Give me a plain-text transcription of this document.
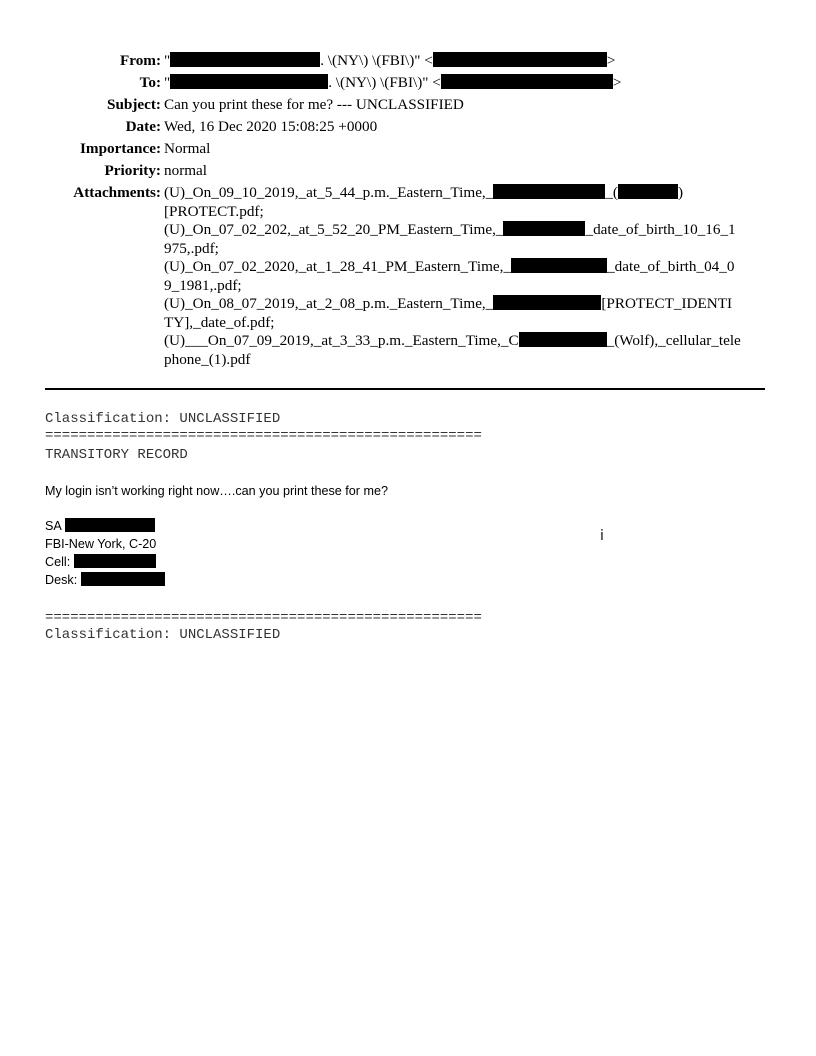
From: "	. \(NY\) \(FBI\)" <	>
To: "	. \(NY\) \(FBI\)" <	>
Subject: Can you print these for me? --- UNCLASSIFIED
Date: Wed, 16 Dec 2020 15:08:25 +0000
Importance: Normal
Priority: normal
Attachments: (U)_On_09_10_2019,_at_5_44_p.m._Eastern_Time,_	_(	)
[PROTECT.pdf;
(U)_On_07_02_202,_at_5_52_20_PM_Eastern_Time,_	_date_of_birth_10_16_1
975,.pdf;
(U)_On_07_02_2020,_at_1_28_41_PM_Eastern_Time,_	_date_of_birth_04_0
9_1981,.pdf;
(U)_On_08_07_2019,_at_2_08_p.m._Eastern_Time,_	[PROTECT_IDENTI
TY],_date_of.pdf;
(U)___On_07_09_2019,_at_3_33_p.m._Eastern_Time,_C	_(Wolf),_cellular_tele
phone_(1).pdf
Classification: UNCLASSIFIED
====================================================
TRANSITORY RECORD
My login isn’t working right now….can you print these for me?
SA
FBI-New York, C-20
Cell:
Desk:
i
====================================================
Classification: UNCLASSIFIED
